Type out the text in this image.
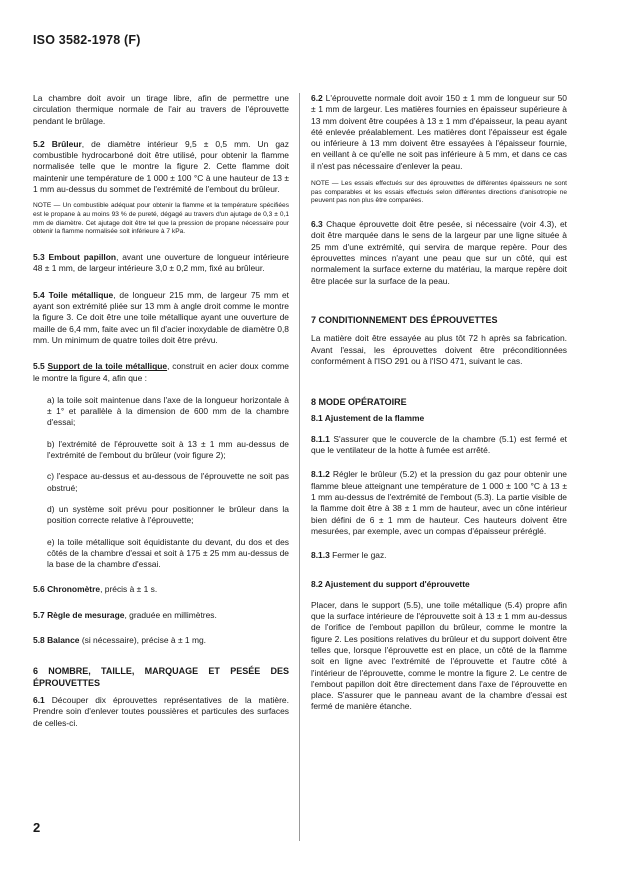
ISO 3582-1978 (F)

La chambre doit avoir un tirage libre, afin de permettre une circulation thermique normale de l'air au travers de l'éprouvette pendant le brûlage.

5.2 Brûleur, de diamètre intérieur 9,5 ± 0,5 mm. Un gaz combustible hydrocarboné doit être utilisé, pour obtenir la flamme normalisée telle que le montre la figure 2. Cette flamme doit maintenir une température de 1 000 ± 100 °C à une hauteur de 13 ± 1 mm au-dessus du sommet de l'extrémité de l'embout du brûleur.

NOTE — Un combustible adéquat pour obtenir la flamme et la température spécifiées est le propane à au moins 93 % de pureté, dégagé au travers d'un ajutage de 0,3 ± 0,1 mm de diamètre. Cet ajutage doit être tel que la pression de propane nécessaire pour obtenir la flamme normalisée soit inférieure à 7 kPa.

5.3 Embout papillon, avant une ouverture de longueur intérieure 48 ± 1 mm, de largeur intérieure 3,0 ± 0,2 mm, fixé au brûleur.

5.4 Toile métallique, de longueur 215 mm, de largeur 75 mm et ayant son extrémité pliée sur 13 mm à angle droit comme le montre la figure 3. Ce doit être une toile métallique ayant une ouverture de maille de 6,4 mm, faite avec un fil d'acier inoxydable de diamètre 0,8 mm. Un minimum de quatre toiles doit être prévu.

5.5 Support de la toile métallique, construit en acier doux comme le montre la figure 4, afin que :

a) la toile soit maintenue dans l'axe de la longueur horizontale à ± 1° et parallèle à la dimension de 600 mm de la chambre d'essai;

b) l'extrémité de l'éprouvette soit à 13 ± 1 mm au-dessus de l'extrémité de l'embout du brûleur (voir figure 2);

c) l'espace au-dessus et au-dessous de l'éprouvette ne soit pas obstrué;

d) un système soit prévu pour positionner le brûleur dans la position correcte relative à l'éprouvette;

e) la toile métallique soit équidistante du devant, du dos et des côtés de la chambre d'essai et soit à 175 ± 25 mm au-dessus de la base de la chambre d'essai.

5.6 Chronomètre, précis à ± 1 s.

5.7 Règle de mesurage, graduée en millimètres.

5.8 Balance (si nécessaire), précise à ± 1 mg.

6 NOMBRE, TAILLE, MARQUAGE ET PESÉE DES ÉPROUVETTES

6.1 Découper dix éprouvettes représentatives de la matière. Prendre soin d'enlever toutes poussières et particules des surfaces de celles-ci.

6.2 L'éprouvette normale doit avoir 150 ± 1 mm de longueur sur 50 ± 1 mm de largeur. Les matières fournies en épaisseur supérieure à 13 mm doivent être coupées à 13 ± 1 mm d'épaisseur, la peau ayant été enlevée préalablement. Les matières dont l'épaisseur est égale ou inférieure à 13 mm doivent être essayées à l'épaisseur fournie, en veillant à ce qu'elle ne soit pas inférieure à 5 mm, et dans ce cas il n'est pas nécessaire d'enlever la peau.

NOTE — Les essais effectués sur des éprouvettes de différentes épaisseurs ne sont pas comparables et les essais effectués selon différentes directions d'anisotropie ne peuvent pas non plus être comparées.

6.3 Chaque éprouvette doit être pesée, si nécessaire (voir 4.3), et doit être marquée dans le sens de la largeur par une ligne située à 25 mm d'une extrémité, qui servira de marque repère. Pour des éprouvettes minces n'ayant une peau que sur un côté, qui est normalement la surface externe du matériau, la marque repère doit être placée sur la surface de la peau.

7 CONDITIONNEMENT DES ÉPROUVETTES

La matière doit être essayée au plus tôt 72 h après sa fabrication. Avant l'essai, les éprouvettes doivent être préconditionnées conformément à l'ISO 291 ou à l'ISO 471, suivant le cas.

8 MODE OPÉRATOIRE

8.1 Ajustement de la flamme

8.1.1 S'assurer que le couvercle de la chambre (5.1) est fermé et que le ventilateur de la hotte à fumée est arrêté.

8.1.2 Régler le brûleur (5.2) et la pression du gaz pour obtenir une flamme bleue atteignant une température de 1 000 ± 100 °C à 13 ± 1 mm au-dessus de l'extrémité de l'embout (5.3). La partie visible de la flamme doit être à 38 ± 1 mm de hauteur, avec un cône intérieur bien défini de 6 ± 1 mm de hauteur. Ces hauteurs doivent être mesurées, par exemple, avec un compas d'épaisseur préréglé.

8.1.3 Fermer le gaz.

8.2 Ajustement du support d'éprouvette

Placer, dans le support (5.5), une toile métallique (5.4) propre afin que la surface intérieure de l'éprouvette soit à 13 ± 1 mm au-dessus de l'orifice de l'embout papillon du brûleur, comme le montre la figure 2. Les positions relatives du brûleur et du support doivent être telles que, lorsque l'éprouvette est en place, un côté de la flamme soit en ligne avec l'extrémité de l'éprouvette et l'autre côté à l'intérieur de l'éprouvette, comme le montre la figure 2. Le centre de l'embout papillon doit être directement dans l'axe de l'éprouvette en place. S'assurer que le panneau avant de la chambre d'essai est fermé de manière étanche.

2
